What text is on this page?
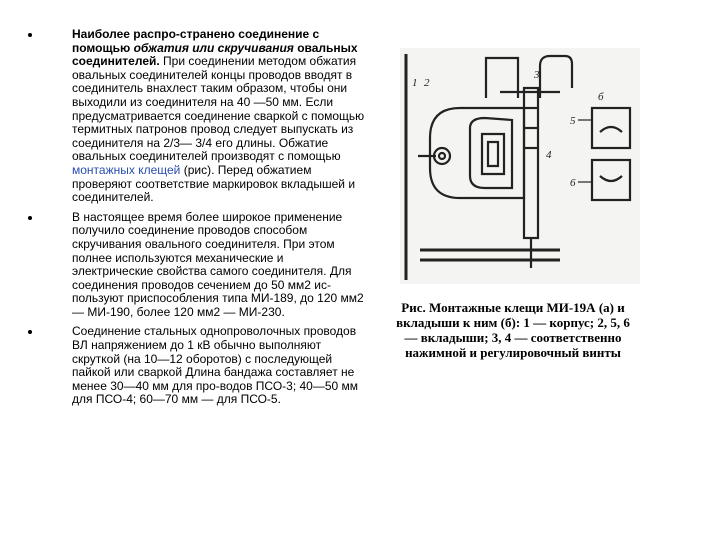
Наиболее распро-странено соединение с помощью обжатия или скручивания овальных соединителей. При соединении методом обжатия овальных соединителей концы проводов вводят в соединитель внахлест таким образом, чтобы они выходили из соединителя на 40 —50 мм. Если предусматривается соединение сваркой с помощью термитных патронов провод следует выпускать из соединителя на 2/3— 3/4 его длины. Обжатие овальных соединителей производят с помощью монтажных клещей (рис). Перед обжатием проверяют соответствие маркировок вкладышей и соединителей.
В настоящее время более широкое применение получило соединение проводов способом скручивания овального соединителя. При этом полнее используются механические и электрические свойства самого соединителя. Для соединения проводов сечением до 50 мм2 ис-пользуют приспособления типа МИ-189, до 120 мм2 — МИ-190, более 120 мм2 — МИ-230.
Соединение стальных однопроволочных проводов ВЛ напряжением до 1 кВ обычно выполняют скруткой (на 10—12 оборотов) с последующей пайкой или сваркой Длина бандажа составляет не менее 30—40 мм для про-водов ПСО-3; 40—50 мм для ПСО-4; 60—70 мм — для ПСО-5.
1 2
3
4
5
6
б
Рис. Монтажные клещи МИ-19А (а) и вкладыши к ним (б): 1 — корпус; 2, 5, 6 — вкладыши; 3, 4 — соответственно нажимной и регулировочный винты
